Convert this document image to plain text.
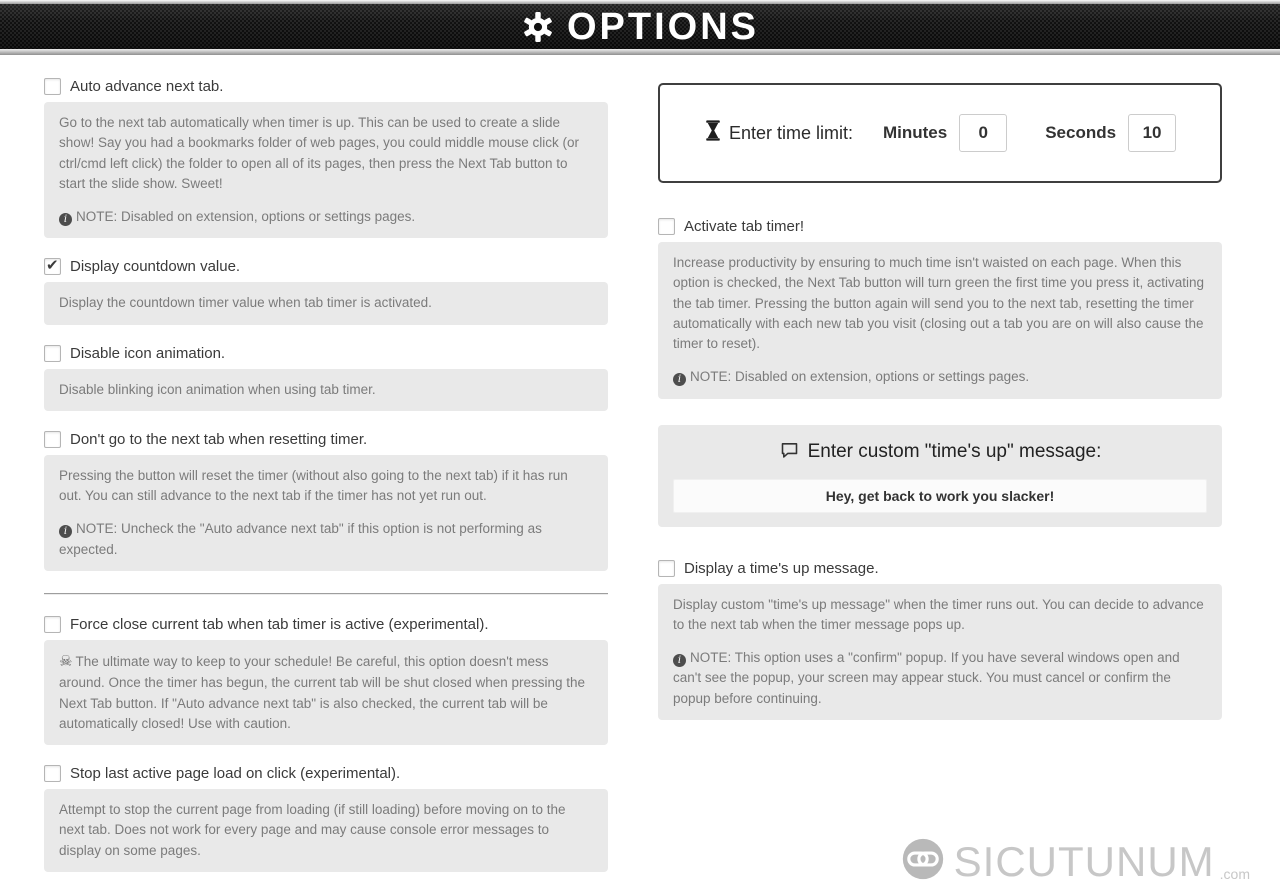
OPTIONS
Auto advance next tab.

Go to the next tab automatically when timer is up. This can be used to create a slide show! Say you had a bookmarks folder of web pages, you could middle mouse click (or ctrl/cmd left click) the folder to open all of its pages, then press the Next Tab button to start the slide show. Sweet!

iNOTE: Disabled on extension, options or settings pages.

✔
Display countdown value.

Display the countdown timer value when tab timer is activated.

Disable icon animation.

Disable blinking icon animation when using tab timer.

Don't go to the next tab when resetting timer.

Pressing the button will reset the timer (without also going to the next tab) if it has run out. You can still advance to the next tab if the timer has not yet run out.

iNOTE: Uncheck the "Auto advance next tab" if this option is not performing as expected.

Force close current tab when tab timer is active (experimental).

☠The ultimate way to keep to your schedule! Be careful, this option doesn't mess around. Once the timer has begun, the current tab will be shut closed when pressing the Next Tab button. If "Auto advance next tab" is also checked, the current tab will be automatically closed! Use with caution.

Stop last active page load on click (experimental).

Attempt to stop the current page from loading (if still loading) before moving on to the next tab. Does not work for every page and may cause console error messages to display on some pages.

Enter time limit: Minutes
0	Seconds
10
Activate tab timer!

Increase productivity by ensuring to much time isn't waisted on each page. When this option is checked, the Next Tab button will turn green the first time you press it, activating the tab timer. Pressing the button again will send you to the next tab, resetting the timer automatically with each new tab you visit (closing out a tab you are on will also cause the timer to reset).

iNOTE: Disabled on extension, options or settings pages.

Enter custom "time's up" message:
Hey, get back to work you slacker!
Display a time's up message.

Display custom "time's up message" when the timer runs out. You can decide to advance to the next tab when the timer message pops up.

iNOTE: This option uses a "confirm" popup. If you have several windows open and can't see the popup, your screen may appear stuck. You must cancel or confirm the popup before continuing.

SICUTUNUM .com
